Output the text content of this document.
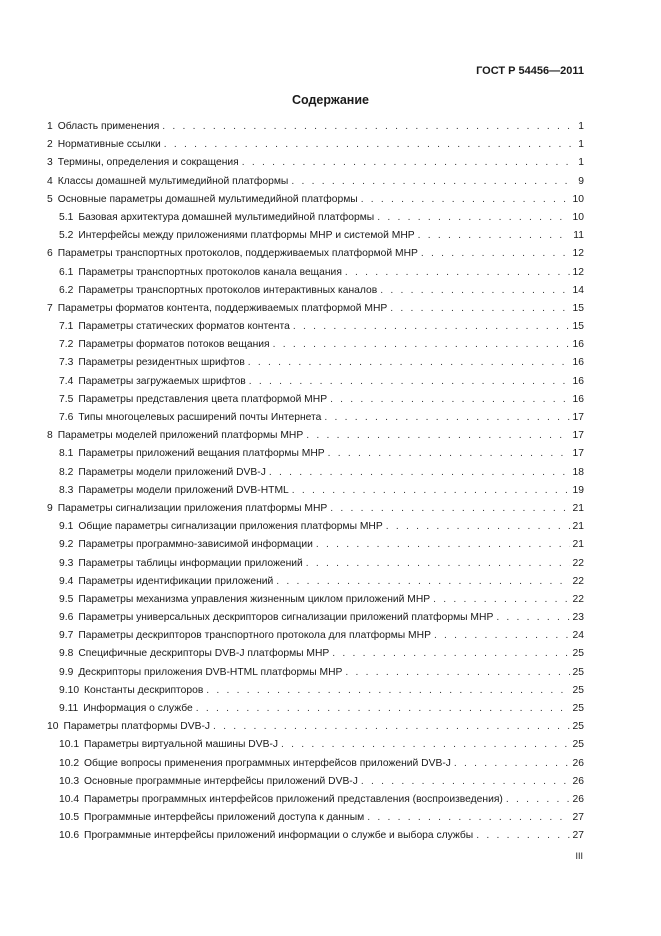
ГОСТ Р 54456—2011
Содержание
1 Область применения . . .	1
2 Нормативные ссылки . . .	1
3 Термины, определения и сокращения . . .	1
4 Классы домашней мультимедийной платформы . . .	9
5 Основные параметры домашней мультимедийной платформы . . .	10
5.1 Базовая архитектура домашней мультимедийной платформы . . .	10
5.2 Интерфейсы между приложениями платформы МНР и системой МНР . . .	11
6 Параметры транспортных протоколов, поддерживаемых платформой МНР . . .	12
6.1 Параметры транспортных протоколов канала вещания . . .	12
6.2 Параметры транспортных протоколов интерактивных каналов . . .	14
7 Параметры форматов контента, поддерживаемых платформой МНР . . .	15
7.1 Параметры статических форматов контента . . .	15
7.2 Параметры форматов потоков вещания . . .	16
7.3 Параметры резидентных шрифтов . . .	16
7.4 Параметры загружаемых шрифтов . . .	16
7.5 Параметры представления цвета платформой МНР . . .	16
7.6 Типы многоцелевых расширений почты Интернета . . .	17
8 Параметры моделей приложений платформы МНР . . .	17
8.1 Параметры приложений вещания платформы МНР . . .	17
8.2 Параметры модели приложений DVB-J . . .	18
8.3 Параметры модели приложений DVB-HTML . . .	19
9 Параметры сигнализации приложения платформы МНР . . .	21
9.1 Общие параметры сигнализации приложения платформы МНР . . .	21
9.2 Параметры программно-зависимой информации . . .	21
9.3 Параметры таблицы информации приложений . . .	22
9.4 Параметры идентификации приложений . . .	22
9.5 Параметры механизма управления жизненным циклом приложений МНР . . .	22
9.6 Параметры универсальных дескрипторов сигнализации приложений платформы МНР . . .	23
9.7 Параметры дескрипторов транспортного протокола для платформы МНР . . .	24
9.8 Специфичные дескрипторы DVB-J платформы МНР . . .	25
9.9 Дескрипторы приложения DVB-HTML платформы МНР . . .	25
9.10 Константы дескрипторов . . .	25
9.11 Информация о службе . . .	25
10 Параметры платформы DVB-J . . .	25
10.1 Параметры виртуальной машины DVB-J . . .	25
10.2 Общие вопросы применения программных интерфейсов приложений DVB-J . . .	26
10.3 Основные программные интерфейсы приложений DVB-J . . .	26
10.4 Параметры программных интерфейсов приложений представления (воспроизведения) . . .	26
10.5 Программные интерфейсы приложений доступа к данным . . .	27
10.6 Программные интерфейсы приложений информации о службе и выбора службы . . .	27
III
